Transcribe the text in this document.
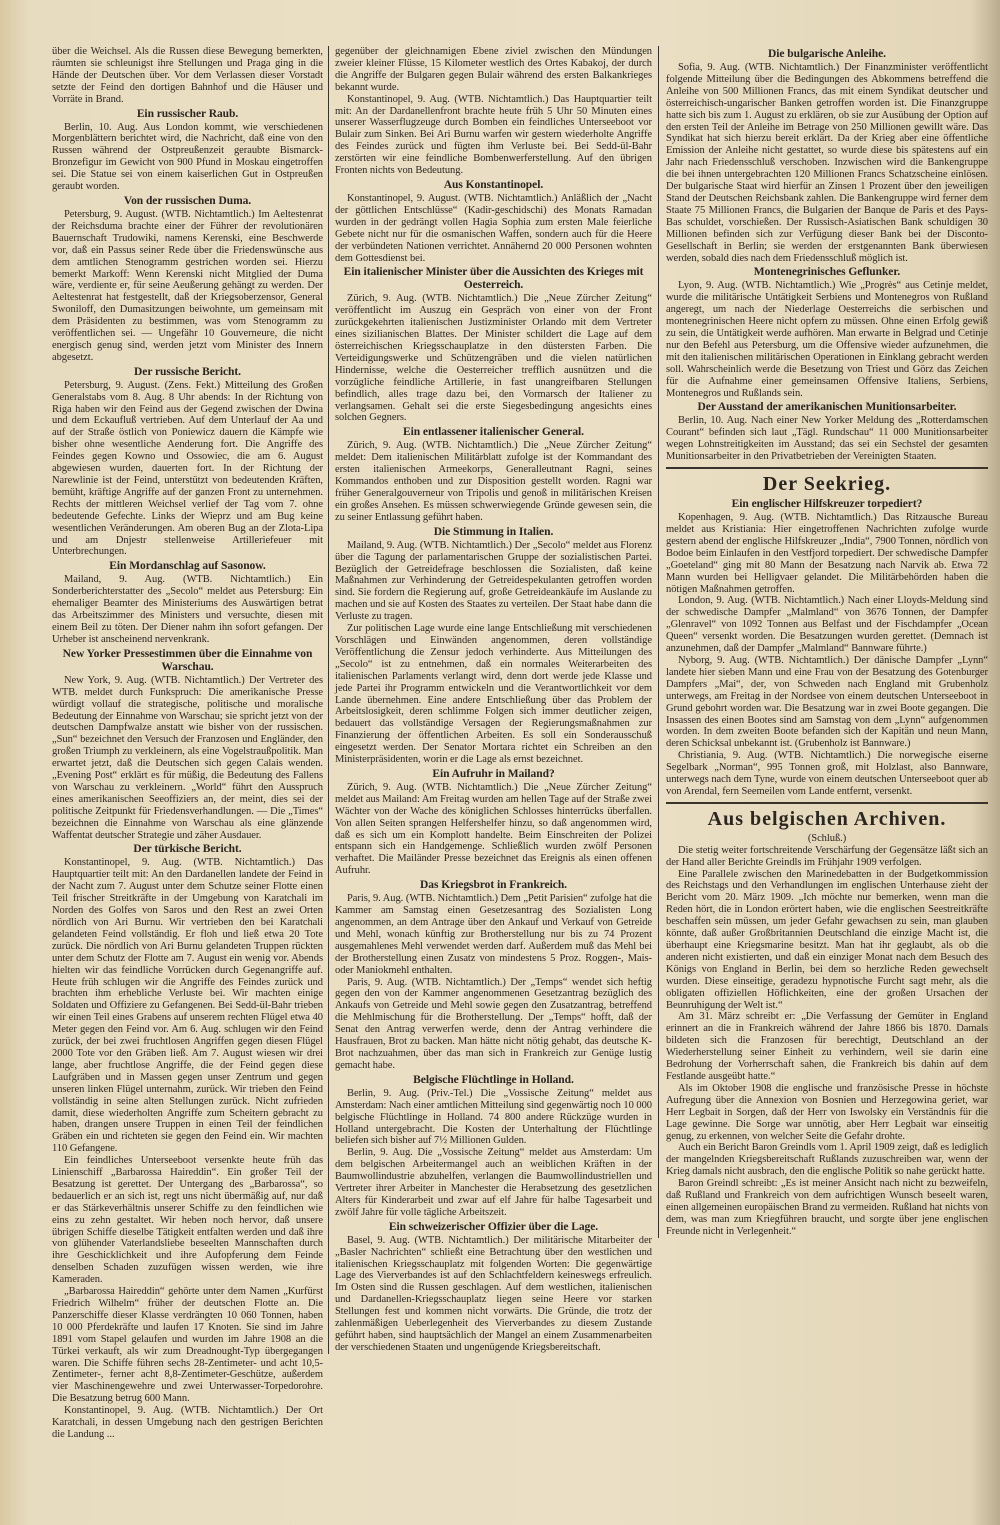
über die Weichsel. Als die Russen diese Bewegung bemerkten, räumten sie schleunigst ihre Stellungen und Praga ging in die Hände der Deutschen über. Vor dem Verlassen dieser Vorstadt setzte der Feind den dortigen Bahnhof und die Häuser und Vorräte in Brand.

Ein russischer Raub.

Berlin, 10. Aug. Aus London kommt, wie verschiedenen Morgenblättern berichtet wird, die Nachricht, daß eine von den Russen während der Ostpreußenzeit geraubte Bismarck-Bronzefigur im Gewicht von 900 Pfund in Moskau eingetroffen sei. Die Statue sei von einem kaiserlichen Gut in Ostpreußen geraubt worden.

Von der russischen Duma.

Petersburg, 9. August. (WTB. Nichtamtlich.) Im Aeltestenrat der Reichsduma brachte einer der Führer der revolutionären Bauernschaft Trudowiki, namens Kerenski, eine Beschwerde vor, daß ein Passus seiner Rede über die Friedenswünsche aus dem amtlichen Stenogramm gestrichen worden sei. Hierzu bemerkt Markoff: Wenn Kerenski nicht Mitglied der Duma wäre, verdiente er, für seine Aeußerung gehängt zu werden. Der Aeltestenrat hat festgestellt, daß der Kriegsoberzensor, General Swoniloff, den Dumasitzungen beiwohnte, um gemeinsam mit dem Präsidenten zu bestimmen, was vom Stenogramm zu veröffentlichen sei. — Ungefähr 10 Gouverneure, die nicht energisch genug sind, werden jetzt vom Minister des Innern abgesetzt.

Der russische Bericht.

Petersburg, 9. August. (Zens. Fekt.) Mitteilung des Großen Generalstabs vom 8. Aug. 8 Uhr abends: In der Richtung von Riga haben wir den Feind aus der Gegend zwischen der Dwina und dem Eckaufluß vertrieben. Auf dem Unterlauf der Aa und auf der Straße östlich von Poniewicz dauern die Kämpfe wie bisher ohne wesentliche Aenderung fort. Die Angriffe des Feindes gegen Kowno und Ossowiec, die am 6. August abgewiesen wurden, dauerten fort. In der Richtung der Narewlinie ist der Feind, unterstützt von bedeutenden Kräften, bemüht, kräftige Angriffe auf der ganzen Front zu unternehmen. Rechts der mittleren Weichsel verlief der Tag vom 7. ohne bedeutende Gefechte. Links der Wieprz und am Bug keine wesentlichen Veränderungen. Am oberen Bug an der Zlota-Lipa und am Dnjestr stellenweise Artilleriefeuer mit Unterbrechungen.

Ein Mordanschlag auf Sasonow.

Mailand, 9. Aug. (WTB. Nichtamtlich.) Ein Sonderberichterstatter des „Secolo“ meldet aus Petersburg: Ein ehemaliger Beamter des Ministeriums des Auswärtigen betrat das Arbeitszimmer des Ministers und versuchte, diesen mit einem Beil zu töten. Der Diener nahm ihn sofort gefangen. Der Urheber ist anscheinend nervenkrank.

New Yorker Pressestimmen über die Einnahme von Warschau.

New York, 9. Aug. (WTB. Nichtamtlich.) Der Vertreter des WTB. meldet durch Funkspruch: Die amerikanische Presse würdigt vollauf die strategische, politische und moralische Bedeutung der Einnahme von Warschau; sie spricht jetzt von der deutschen Dampfwalze anstatt wie bisher von der russischen. „Sun“ bezeichnet den Versuch der Franzosen und Engländer, den großen Triumph zu verkleinern, als eine Vogelstraußpolitik. Man erwartet jetzt, daß die Deutschen sich gegen Calais wenden. „Evening Post“ erklärt es für müßig, die Bedeutung des Fallens von Warschau zu verkleinern. „World“ führt den Ausspruch eines amerikanischen Seeoffiziers an, der meint, dies sei der politische Zeitpunkt für Friedensverhandlungen. — Die „Times“ bezeichnen die Einnahme von Warschau als eine glänzende Waffentat deutscher Strategie und zäher Ausdauer.

Der türkische Bericht.

Konstantinopel, 9. Aug. (WTB. Nichtamtlich.) Das Hauptquartier teilt mit: An den Dardanellen landete der Feind in der Nacht zum 7. August unter dem Schutze seiner Flotte einen Teil frischer Streitkräfte in der Umgebung von Karatchali im Norden des Golfes von Saros und den Rest an zwei Orten nördlich von Ari Burnu. Wir vertrieben den bei Karatchali gelandeten Feind vollständig. Er floh und ließ etwa 20 Tote zurück. Die nördlich von Ari Burnu gelandeten Truppen rückten unter dem Schutz der Flotte am 7. August ein wenig vor. Abends hielten wir das feindliche Vorrücken durch Gegenangriffe auf. Heute früh schlugen wir die Angriffe des Feindes zurück und brachten ihm erhebliche Verluste bei. Wir machten einige Soldaten und Offiziere zu Gefangenen. Bei Sedd-ül-Bahr trieben wir einen Teil eines Grabens auf unserem rechten Flügel etwa 40 Meter gegen den Feind vor. Am 6. Aug. schlugen wir den Feind zurück, der bei zwei fruchtlosen Angriffen gegen diesen Flügel 2000 Tote vor den Gräben ließ. Am 7. August wiesen wir drei lange, aber fruchtlose Angriffe, die der Feind gegen diese Laufgräben und in Massen gegen unser Zentrum und gegen unseren linken Flügel unternahm, zurück. Wir trieben den Feind vollständig in seine alten Stellungen zurück. Nicht zufrieden damit, diese wiederholten Angriffe zum Scheitern gebracht zu haben, drangen unsere Truppen in einen Teil der feindlichen Gräben ein und richteten sie gegen den Feind ein. Wir machten 110 Gefangene.

Ein feindliches Unterseeboot versenkte heute früh das Linienschiff „Barbarossa Haireddin“. Ein großer Teil der Besatzung ist gerettet. Der Untergang des „Barbarossa“, so bedauerlich er an sich ist, regt uns nicht übermäßig auf, nur daß er das Stärkeverhältnis unserer Schiffe zu den feindlichen wie eins zu zehn gestaltet. Wir heben noch hervor, daß unsere übrigen Schiffe dieselbe Tätigkeit entfalten werden und daß ihre von glühender Vaterlandsliebe beseelten Mannschaften durch ihre Geschicklichkeit und ihre Aufopferung dem Feinde denselben Schaden zuzufügen wissen werden, wie ihre Kameraden.

„Barbarossa Haireddin“ gehörte unter dem Namen „Kurfürst Friedrich Wilhelm“ früher der deutschen Flotte an. Die Panzerschiffe dieser Klasse verdrängten 10 060 Tonnen, haben 10 000 Pferdekräfte und laufen 17 Knoten. Sie sind im Jahre 1891 vom Stapel gelaufen und wurden im Jahre 1908 an die Türkei verkauft, als wir zum Dreadnought-Typ übergegangen waren. Die Schiffe führen sechs 28-Zentimeter- und acht 10,5-Zentimeter-, ferner acht 8,8-Zentimeter-Geschütze, außerdem vier Maschinengewehre und zwei Unterwasser-Torpedorohre. Die Besatzung betrug 600 Mann.

Konstantinopel, 9. Aug. (WTB. Nichtamtlich.) Der Ort Karatchali, in dessen Umgebung nach den gestrigen Berichten die Landung ...

gegenüber der gleichnamigen Ebene ziviel zwischen den Mündungen zweier kleiner Flüsse, 15 Kilometer westlich des Ortes Kabakoj, der durch die Angriffe der Bulgaren gegen Bulair während des ersten Balkankrieges bekannt wurde.

Konstantinopel, 9. Aug. (WTB. Nichtamtlich.) Das Hauptquartier teilt mit: An der Dardanellenfront brachte heute früh 5 Uhr 50 Minuten eines unserer Wasserflugzeuge durch Bomben ein feindliches Unterseeboot vor Bulair zum Sinken. Bei Ari Burnu warfen wir gestern wiederholte Angriffe des Feindes zurück und fügten ihm Verluste bei. Bei Sedd-ül-Bahr zerstörten wir eine feindliche Bombenwerferstellung. Auf den übrigen Fronten nichts von Bedeutung.

Aus Konstantinopel.

Konstantinopel, 9. August. (WTB. Nichtamtlich.) Anläßlich der „Nacht der göttlichen Entschlüsse“ (Kadir-geschidschi) des Monats Ramadan wurden in der gedrängt vollen Hagia Sophia zum ersten Male feierliche Gebete nicht nur für die osmanischen Waffen, sondern auch für die Heere der verbündeten Nationen verrichtet. Annähernd 20 000 Personen wohnten dem Gottesdienst bei.

Ein italienischer Minister über die Aussichten des Krieges mit Oesterreich.

Zürich, 9. Aug. (WTB. Nichtamtlich.) Die „Neue Zürcher Zeitung“ veröffentlicht im Auszug ein Gespräch von einer von der Front zurückgekehrten italienischen Justizminister Orlando mit dem Vertreter eines sizilianischen Blattes. Der Minister schildert die Lage auf dem österreichischen Kriegsschauplatze in den düstersten Farben. Die Verteidigungswerke und Schützengräben und die vielen natürlichen Hindernisse, welche die Oesterreicher trefflich ausnützen und die vorzügliche feindliche Artillerie, in fast unangreifbaren Stellungen befindlich, alles trage dazu bei, den Vormarsch der Italiener zu verlangsamen. Gehalt sei die erste Siegesbedingung angesichts eines solchen Gegners.

Ein entlassener italienischer General.

Zürich, 9. Aug. (WTB. Nichtamtlich.) Die „Neue Zürcher Zeitung“ meldet: Dem italienischen Militärblatt zufolge ist der Kommandant des ersten italienischen Armeekorps, Generalleutnant Ragni, seines Kommandos enthoben und zur Disposition gestellt worden. Ragni war früher Generalgouverneur von Tripolis und genoß in militärischen Kreisen ein großes Ansehen. Es müssen schwerwiegende Gründe gewesen sein, die zu seiner Entlassung geführt haben.

Die Stimmung in Italien.

Mailand, 9. Aug. (WTB. Nichtamtlich.) Der „Secolo“ meldet aus Florenz über die Tagung der parlamentarischen Gruppe der sozialistischen Partei. Bezüglich der Getreidefrage beschlossen die Sozialisten, daß keine Maßnahmen zur Verhinderung der Getreidespekulanten getroffen worden sind. Sie fordern die Regierung auf, große Getreideankäufe im Auslande zu machen und sie auf Kosten des Staates zu verteilen. Der Staat habe dann die Verluste zu tragen.

Zur politischen Lage wurde eine lange Entschließung mit verschiedenen Vorschlägen und Einwänden angenommen, deren vollständige Veröffentlichung die Zensur jedoch verhinderte. Aus Mitteilungen des „Secolo“ ist zu entnehmen, daß ein normales Weiterarbeiten des italienischen Parlaments verlangt wird, denn dort werde jede Klasse und jede Partei ihr Programm entwickeln und die Verantwortlichkeit vor dem Lande übernehmen. Eine andere Entschließung über das Problem der Arbeitslosigkeit, deren schlimme Folgen sich immer deutlicher zeigen, bedauert das vollständige Versagen der Regierungsmaßnahmen zur Finanzierung der öffentlichen Arbeiten. Es soll ein Sonderausschuß eingesetzt werden. Der Senator Mortara richtet ein Schreiben an den Ministerpräsidenten, worin er die Lage als ernst bezeichnet.

Ein Aufruhr in Mailand?

Zürich, 9. Aug. (WTB. Nichtamtlich.) Die „Neue Zürcher Zeitung“ meldet aus Mailand: Am Freitag wurden am hellen Tage auf der Straße zwei Wächter von der Wache des königlichen Schlosses hinterrücks überfallen. Von allen Seiten sprangen Helfershelfer hinzu, so daß angenommen wird, daß es sich um ein Komplott handelte. Beim Einschreiten der Polizei entspann sich ein Handgemenge. Schließlich wurden zwölf Personen verhaftet. Die Mailänder Presse bezeichnet das Ereignis als einen offenen Aufruhr.

Das Kriegsbrot in Frankreich.

Paris, 9. Aug. (WTB. Nichtamtlich.) Dem „Petit Parisien“ zufolge hat die Kammer am Samstag einen Gesetzesantrag des Sozialisten Long angenommen, an dem Antrage über den Ankauf und Verkauf von Getreide und Mehl, wonach künftig zur Brotherstellung nur bis zu 74 Prozent ausgemahlenes Mehl verwendet werden darf. Außerdem muß das Mehl bei der Brotherstellung einen Zusatz von mindestens 5 Proz. Roggen-, Mais- oder Maniokmehl enthalten.

Paris, 9. Aug. (WTB. Nichtamtlich.) Der „Temps“ wendet sich heftig gegen den von der Kammer angenommenen Gesetzantrag bezüglich des Ankaufs von Getreide und Mehl sowie gegen den Zusatzantrag, betreffend die Mehlmischung für die Brotherstellung. Der „Temps“ hofft, daß der Senat den Antrag verwerfen werde, denn der Antrag verhindere die Hausfrauen, Brot zu backen. Man hätte nicht nötig gehabt, das deutsche K-Brot nachzuahmen, über das man sich in Frankreich zur Genüge lustig gemacht habe.

Belgische Flüchtlinge in Holland.

Berlin, 9. Aug. (Priv.-Tel.) Die „Vossische Zeitung“ meldet aus Amsterdam: Nach einer amtlichen Mitteilung sind gegenwärtig noch 10 000 belgische Flüchtlinge in Holland. 74 800 andere Rückzüge wurden in Holland untergebracht. Die Kosten der Unterhaltung der Flüchtlinge beliefen sich bisher auf 7½ Millionen Gulden.

Berlin, 9. Aug. Die „Vossische Zeitung“ meldet aus Amsterdam: Um dem belgischen Arbeitermangel auch an weiblichen Kräften in der Baumwollindustrie abzuhelfen, verlangen die Baumwollindustriellen und Vertreter ihrer Arbeiter in Manchester die Herabsetzung des gesetzlichen Alters für Kinderarbeit und zwar auf elf Jahre für halbe Tagesarbeit und zwölf Jahre für volle tägliche Arbeitszeit.

Ein schweizerischer Offizier über die Lage.

Basel, 9. Aug. (WTB. Nichtamtlich.) Der militärische Mitarbeiter der „Basler Nachrichten“ schließt eine Betrachtung über den westlichen und italienischen Kriegsschauplatz mit folgenden Worten: Die gegenwärtige Lage des Vierverbandes ist auf den Schlachtfeldern keineswegs erfreulich. Im Osten sind die Russen geschlagen. Auf dem westlichen, italienischen und Dardanellen-Kriegsschauplatz liegen seine Heere vor starken Stellungen fest und kommen nicht vorwärts. Die Gründe, die trotz der zahlenmäßigen Ueberlegenheit des Vierverbandes zu diesem Zustande geführt haben, sind hauptsächlich der Mangel an einem Zusammenarbeiten der verschiedenen Staaten und ungenügende Kriegsbereitschaft.

Die bulgarische Anleihe.

Sofia, 9. Aug. (WTB. Nichtamtlich.) Der Finanzminister veröffentlicht folgende Mitteilung über die Bedingungen des Abkommens betreffend die Anleihe von 500 Millionen Francs, das mit einem Syndikat deutscher und österreichisch-ungarischer Banken getroffen worden ist. Die Finanzgruppe hatte sich bis zum 1. August zu erklären, ob sie zur Ausübung der Option auf den ersten Teil der Anleihe im Betrage von 250 Millionen gewillt wäre. Das Syndikat hat sich hierzu bereit erklärt. Da der Krieg aber eine öffentliche Emission der Anleihe nicht gestattet, so wurde diese bis spätestens auf ein Jahr nach Friedensschluß verschoben. Inzwischen wird die Bankengruppe die bei ihnen untergebrachten 120 Millionen Francs Schatzscheine einlösen. Der bulgarische Staat wird hierfür an Zinsen 1 Prozent über den jeweiligen Stand der Deutschen Reichsbank zahlen. Die Bankengruppe wird ferner dem Staate 75 Millionen Francs, die Bulgarien der Banque de Paris et des Pays-Bas schuldet, vorschießen. Der Russisch-Asiatischen Bank schuldigen 30 Millionen befinden sich zur Verfügung dieser Bank bei der Disconto-Gesellschaft in Berlin; sie werden der erstgenannten Bank überwiesen werden, sobald dies nach dem Friedensschluß möglich ist.

Montenegrinisches Geflunker.

Lyon, 9. Aug. (WTB. Nichtamtlich.) Wie „Progrès“ aus Cetinje meldet, wurde die militärische Untätigkeit Serbiens und Montenegros von Rußland angeregt, um nach der Niederlage Oesterreichs die serbischen und montenegrinischen Heere nicht opfern zu müssen. Ohne einen Erfolg gewiß zu sein, die Untätigkeit werde aufhören. Man erwarte in Belgrad und Cetinje nur den Befehl aus Petersburg, um die Offensive wieder aufzunehmen, die mit den italienischen militärischen Operationen in Einklang gebracht werden soll. Wahrscheinlich werde die Besetzung von Triest und Görz das Zeichen für die Aufnahme einer gemeinsamen Offensive Italiens, Serbiens, Montenegros und Rußlands sein.

Der Ausstand der amerikanischen Munitionsarbeiter.

Berlin, 10. Aug. Nach einer New Yorker Meldung des „Rotterdamschen Courant“ befinden sich laut „Tägl. Rundschau“ 11 000 Munitionsarbeiter wegen Lohnstreitigkeiten im Ausstand; das sei ein Sechstel der gesamten Munitionsarbeiter in den Privatbetrieben der Vereinigten Staaten.

Der Seekrieg.
Ein englischer Hilfskreuzer torpediert?

Kopenhagen, 9. Aug. (WTB. Nichtamtlich.) Das Ritzausche Bureau meldet aus Kristiania: Hier eingetroffenen Nachrichten zufolge wurde gestern abend der englische Hilfskreuzer „India“, 7900 Tonnen, nördlich von Bodoe beim Einlaufen in den Vestfjord torpediert. Der schwedische Dampfer „Goeteland“ ging mit 80 Mann der Besatzung nach Narvik ab. Etwa 72 Mann wurden bei Helligvaer gelandet. Die Militärbehörden haben die nötigen Maßnahmen getroffen.

London, 9. Aug. (WTB. Nichtamtlich.) Nach einer Lloyds-Meldung sind der schwedische Dampfer „Malmland“ von 3676 Tonnen, der Dampfer „Glenravel“ von 1092 Tonnen aus Belfast und der Fischdampfer „Ocean Queen“ versenkt worden. Die Besatzungen wurden gerettet. (Demnach ist anzunehmen, daß der Dampfer „Malmland“ Bannware führte.)

Nyborg, 9. Aug. (WTB. Nichtamtlich.) Der dänische Dampfer „Lynn“ landete hier sieben Mann und eine Frau von der Besatzung des Gotenburger Dampfers „Mai“, der, von Schweden nach England mit Grubenholz unterwegs, am Freitag in der Nordsee von einem deutschen Unterseeboot in Grund gebohrt worden war. Die Besatzung war in zwei Boote gegangen. Die Insassen des einen Bootes sind am Samstag von dem „Lynn“ aufgenommen worden. In dem zweiten Boote befanden sich der Kapitän und neun Mann, deren Schicksal unbekannt ist. (Grubenholz ist Bannware.)

Christiania, 9. Aug. (WTB. Nichtamtlich.) Die norwegische eiserne Segelbark „Norman“, 995 Tonnen groß, mit Holzlast, also Bannware, unterwegs nach dem Tyne, wurde von einem deutschen Unterseeboot quer ab von Arendal, fern Seemeilen vom Lande entfernt, versenkt.

Aus belgischen Archiven.
(Schluß.)

Die stetig weiter fortschreitende Verschärfung der Gegensätze läßt sich an der Hand aller Berichte Greindls im Frühjahr 1909 verfolgen.

Eine Parallele zwischen den Marinedebatten in der Budgetkommission des Reichstags und den Verhandlungen im englischen Unterhause zieht der Bericht vom 20. März 1909. „Ich möchte nur bemerken, wenn man die Reden hört, die in London erörtert haben, wie die englischen Seestreitkräfte beschaffen sein müssen, um jeder Gefahr gewachsen zu sein, man glauben könnte, daß außer Großbritannien Deutschland die einzige Macht ist, die überhaupt eine Kriegsmarine besitzt. Man hat ihr geglaubt, als ob die anderen nicht existierten, und daß ein einziger Monat nach dem Besuch des Königs von England in Berlin, bei dem so herzliche Reden gewechselt wurden. Diese einseitige, geradezu hypnotische Furcht sagt mehr, als die obligaten offiziellen Höflichkeiten, eine der großen Ursachen der Beunruhigung der Welt ist.“

Am 31. März schreibt er: „Die Verfassung der Gemüter in England erinnert an die in Frankreich während der Jahre 1866 bis 1870. Damals bildeten sich die Franzosen für berechtigt, Deutschland an der Wiederherstellung seiner Einheit zu verhindern, weil sie darin eine Bedrohung der Vorherrschaft sahen, die Frankreich bis dahin auf dem Festlande ausgeübt hatte.“

Als im Oktober 1908 die englische und französische Presse in höchste Aufregung über die Annexion von Bosnien und Herzegowina geriet, war Herr Legbait in Sorgen, daß der Herr von Iswolsky ein Verständnis für die Lage gewinne. Die Sorge war unnötig, aber Herr Legbait war einseitig genug, zu erkennen, von welcher Seite die Gefahr drohte.

Auch ein Bericht Baron Greindls vom 1. April 1909 zeigt, daß es lediglich der mangelnden Kriegsbereitschaft Rußlands zuzuschreiben war, wenn der Krieg damals nicht ausbrach, den die englische Politik so nahe gerückt hatte.

Baron Greindl schreibt: „Es ist meiner Ansicht nach nicht zu bezweifeln, daß Rußland und Frankreich von dem aufrichtigen Wunsch beseelt waren, einen allgemeinen europäischen Brand zu vermeiden. Rußland hat nichts von dem, was man zum Kriegführen braucht, und sorgte über jene englischen Freunde nicht in Verlegenheit.“
